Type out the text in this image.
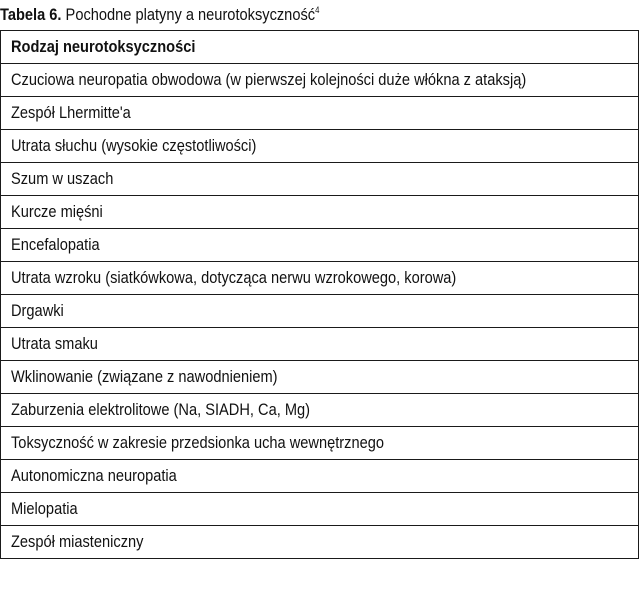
Tabela 6. Pochodne platyny a neurotoksyczność$^4$
Rodzaj neurotoksyczności
Czuciowa neuropatia obwodowa (w pierwszej kolejności duże włókna z ataksją)
Zespół Lhermitte'a
Utrata słuchu (wysokie częstotliwości)
Szum w uszach
Kurcze mięśni
Encefalopatia
Utrata wzroku (siatkówkowa, dotycząca nerwu wzrokowego, korowa)
Drgawki
Utrata smaku
Wklinowanie (związane z nawodnieniem)
Zaburzenia elektrolitowe (Na, SIADH, Ca, Mg)
Toksyczność w zakresie przedsionka ucha wewnętrznego
Autonomiczna neuropatia
Mielopatia
Zespół miasteniczny
